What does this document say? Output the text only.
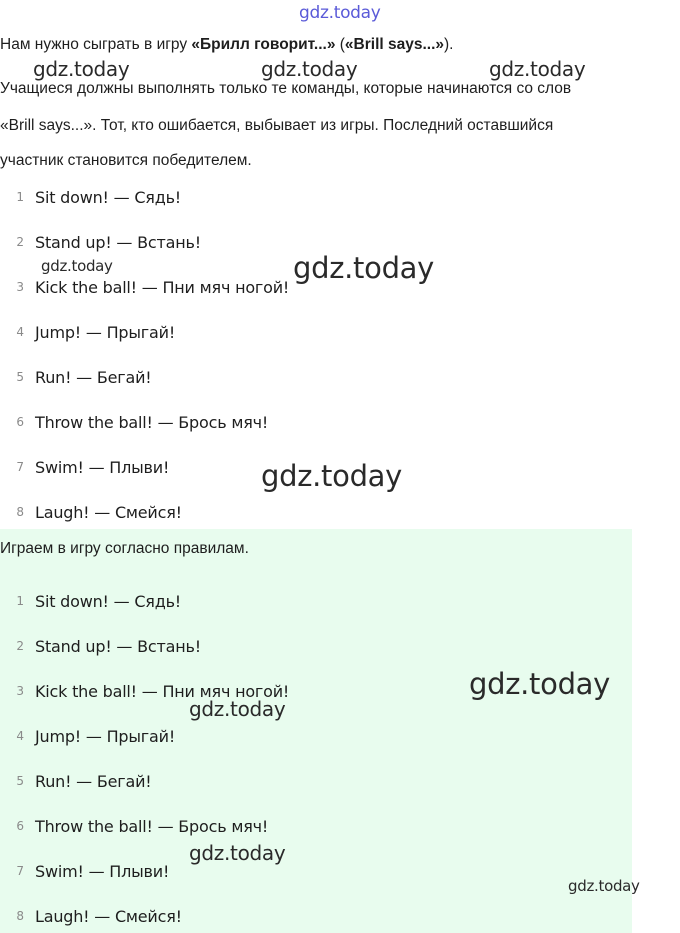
gdz.today

Нам нужно сыграть в игру «Брилл говорит...» («Brill says...»).

Учащиеся должны выполнять только те команды, которые начинаются со слов

«Brill says...». Тот, кто ошибается, выбывает из игры. Последний оставшийся

участник становится победителем.

1 Sit down! — Сядь!
2 Stand up! — Встань!
3 Kick the ball! — Пни мяч ногой!
4 Jump! — Прыгай!
5 Run! — Бегай!
6 Throw the ball! — Брось мяч!
7 Swim! — Плыви!
8 Laugh! — Смейся!

Играем в игру согласно правилам.

1 Sit down! — Сядь!
2 Stand up! — Встань!
3 Kick the ball! — Пни мяч ногой!
4 Jump! — Прыгай!
5 Run! — Бегай!
6 Throw the ball! — Брось мяч!
7 Swim! — Плыви!
8 Laugh! — Смейся!
gdz.today	gdz.today	gdz.today
gdz.today	gdz.today
gdz.today
gdz.today
gdz.today
gdz.today
gdz.today
